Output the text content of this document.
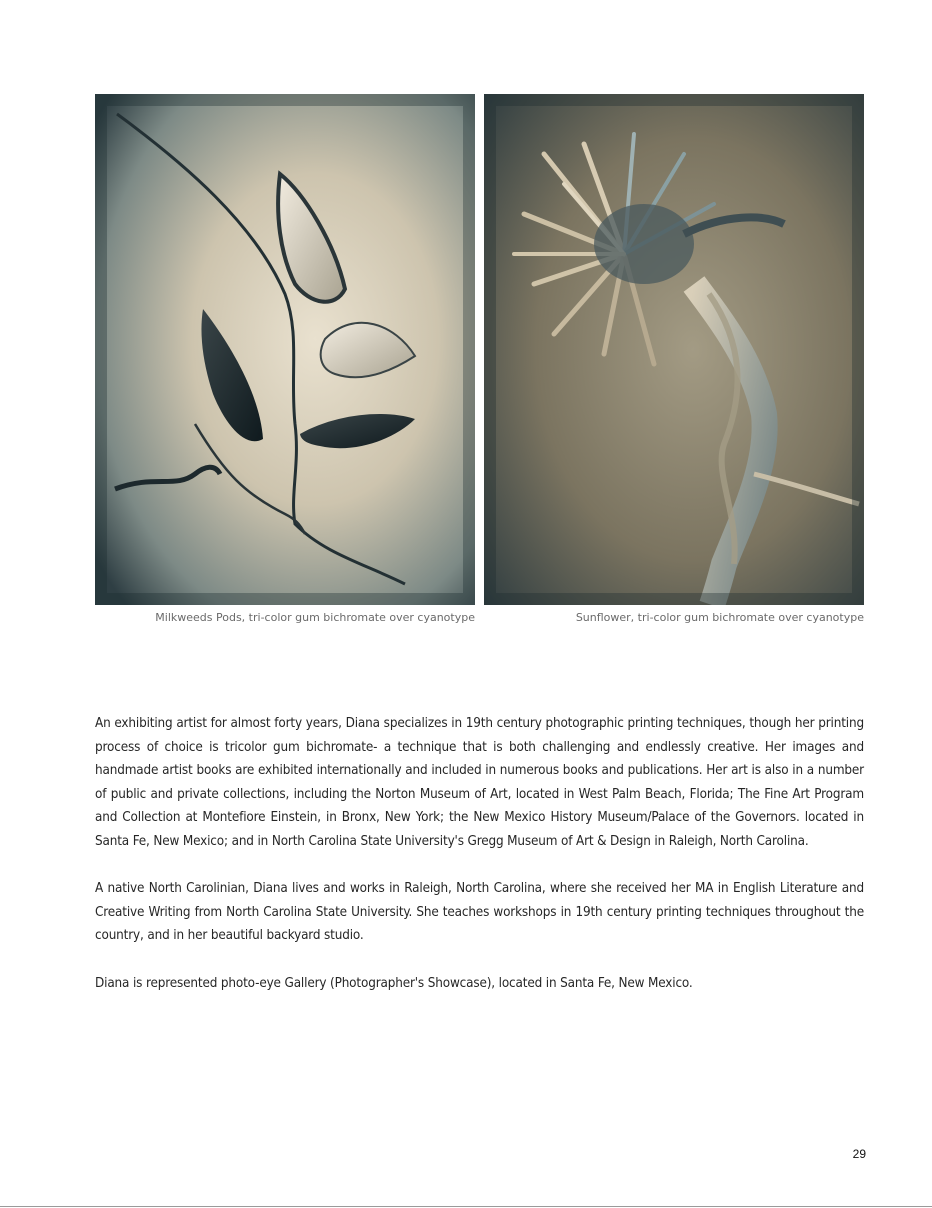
Milkweeds Pods, tri-color gum bichromate over cyanotype	Sunflower, tri-color gum bichromate over cyanotype

An exhibiting artist for almost forty years, Diana specializes in 19th century photographic printing techniques, though her printing process of choice is tricolor gum bichromate- a technique that is both challenging and endlessly creative. Her images and handmade artist books are exhibited internationally and included in numerous books and publications. Her art is also in a number of public and private collections, including the Norton Museum of Art, located in West Palm Beach, Florida; The Fine Art Program and Collection at Montefiore Einstein, in Bronx, New York; the New Mexico History Museum/Palace of the Governors. located in Santa Fe, New Mexico; and in North Carolina State University's Gregg Museum of Art & Design in Raleigh, North Carolina.

A native North Carolinian, Diana lives and works in Raleigh, North Carolina, where she received her MA in English Literature and Creative Writing from North Carolina State University. She teaches workshops in 19th century printing techniques throughout the country, and in her beautiful backyard studio.

Diana is represented photo-eye Gallery (Photographer's Showcase), located in Santa Fe, New Mexico.

29
